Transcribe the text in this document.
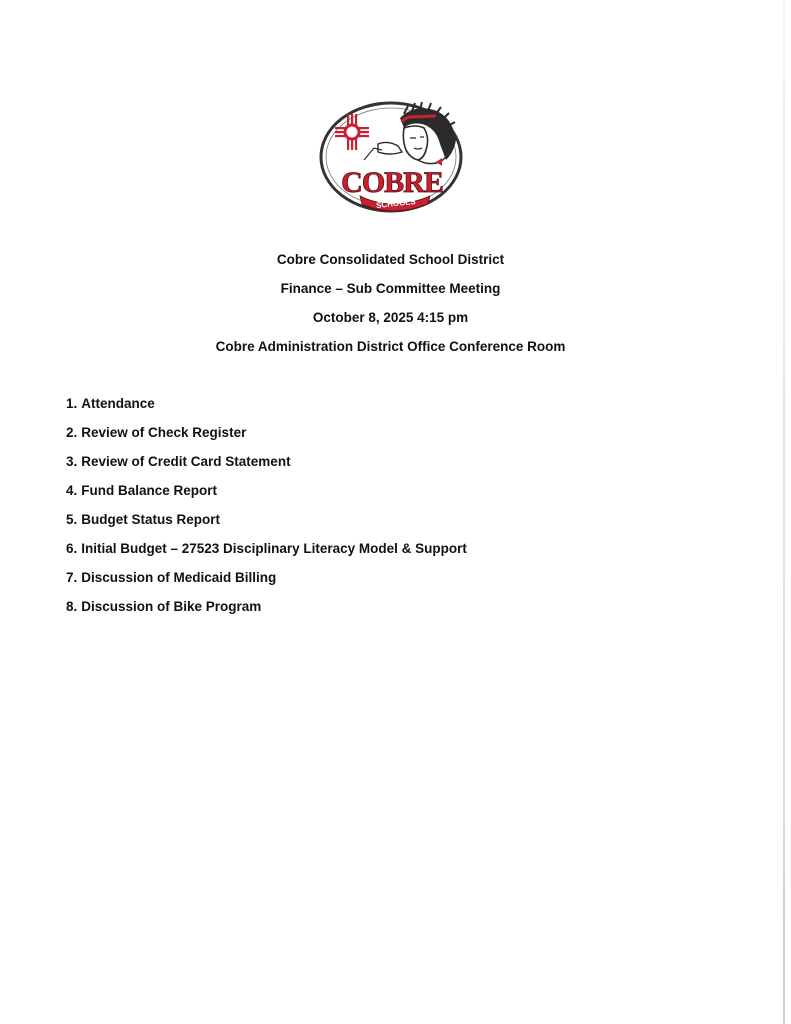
COBRE
SCHOOLS
Cobre Consolidated School District
Finance – Sub Committee Meeting
October 8, 2025 4:15 pm
Cobre Administration District Office Conference Room
1. Attendance
2. Review of Check Register
3. Review of Credit Card Statement
4. Fund Balance Report
5. Budget Status Report
6. Initial Budget – 27523 Disciplinary Literacy Model & Support
7. Discussion of Medicaid Billing
8. Discussion of Bike Program
